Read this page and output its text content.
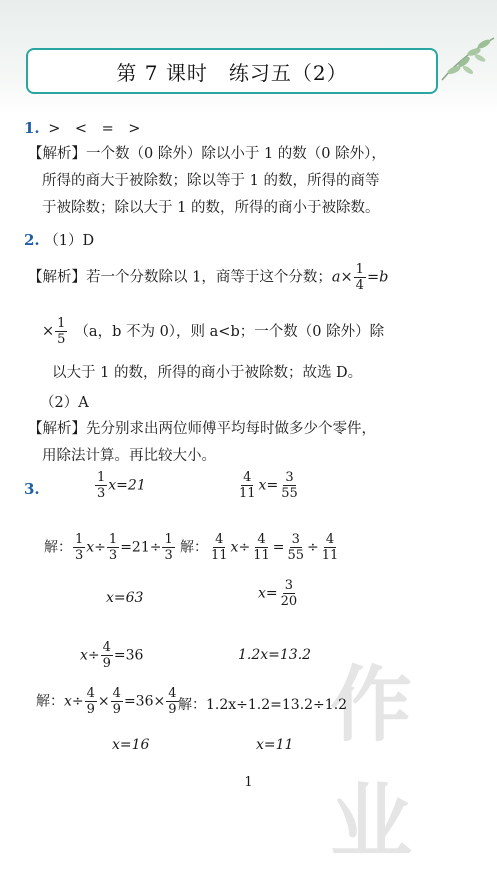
第 7 课时　练习五（2）
1. >　<　=　>
【解析】一个数（0 除外）除以小于 1 的数（0 除外），
所得的商大于被除数；除以等于 1 的数，所得的商等
于被除数；除以大于 1 的数，所得的商小于被除数。
2. （1）D
【解析】若一个分数除以 1，商等于这个分数；$a\times \frac{1}{4} =b$
× $\frac{1}{5} (a$，b 不为 0），则 a<b；一个数（0 除外）除
以大于 1 的数，所得的商小于被除数；故选 D。
（2）A
【解析】先分别求出两位师傅平均每时做多少个零件，
用除法计算。再比较大小。
3.	$\frac{1}{3} x=21$	$\frac{4}{11} x= \frac{3}{55}$
解： $\frac{1}{3} x\div \frac{1}{3} =21\div \frac{1}{3}$ 解： $\frac{4}{11} x\div \frac{4}{11} = \frac{3}{55} \div \frac{4}{11}$
x=63	$x= \frac{3}{20}$
$x\div \frac{4}{9} =36$	1.2x=13.2
解：$x\div \frac{4}{9} \times \frac{4}{9} =36\times \frac{4}{9}$ 解：1.2x÷1.2=13.2÷1.2
x=16	x=11 作业
1
